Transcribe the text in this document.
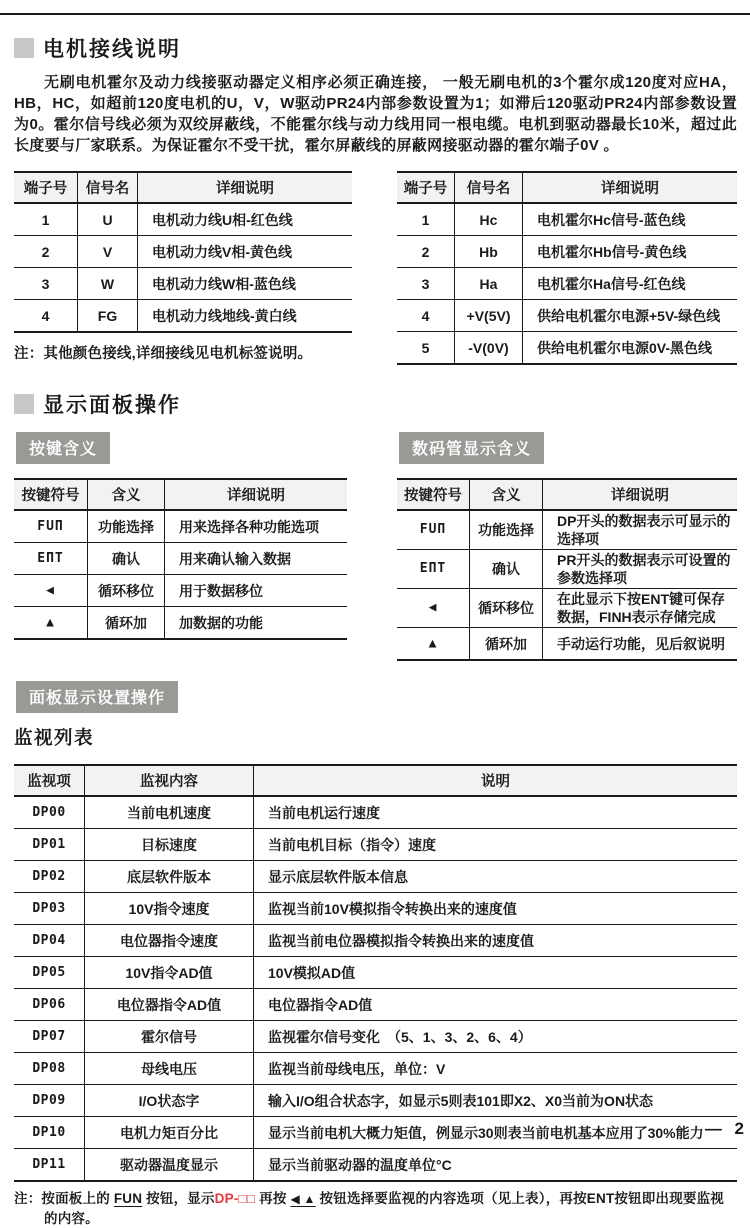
电机接线说明

无刷电机霍尔及动力线接驱动器定义相序必须正确连接， 一般无刷电机的3个霍尔成120度对应HA，HB，HC，如超前120度电机的U，V，W驱动PR24内部参数设置为1；如滞后120驱动PR24内部参数设置为0。霍尔信号线必须为双绞屏蔽线，不能霍尔线与动力线用同一根电缆。电机到驱动器最长10米，超过此长度要与厂家联系。为保证霍尔不受干扰，霍尔屏蔽线的屏蔽网接驱动器的霍尔端子0V 。

端子号	信号名	详细说明
1	U	电机动力线U相-红色线
2	V	电机动力线V相-黄色线
3	W	电机动力线W相-蓝色线
4	FG	电机动力线地线-黄白线

注：其他颜色接线,详细接线见电机标签说明。

端子号	信号名	详细说明
1	Hc	电机霍尔Hc信号-蓝色线
2	Hb	电机霍尔Hb信号-黄色线
3	Ha	电机霍尔Ha信号-红色线
4	+V(5V)	供给电机霍尔电源+5V-绿色线
5	-V(0V)	供给电机霍尔电源0V-黑色线
显示面板操作
按键含义
按键符号	含义	详细说明
FUП	功能选择	用来选择各种功能选项
EПT	确认	用来确认输入数据
◀	循环移位	用于数据移位
▲	循环加	加数据的功能
数码管显示含义
按键符号	含义	详细说明
FUП	功能选择	DP开头的数据表示可显示的选择项
EПT	确认	PR开头的数据表示可设置的参数选择项
◀	循环移位	在此显示下按ENT键可保存数据，FINH表示存储完成
▲	循环加	手动运行功能，见后叙说明
面板显示设置操作
监视列表
监视项	监视内容	说明
DP00	当前电机速度	当前电机运行速度
DP01	目标速度	当前电机目标（指令）速度
DP02	底层软件版本	显示底层软件版本信息
DP03	10V指令速度	监视当前10V模拟指令转换出来的速度值
DP04	电位器指令速度	监视当前电位器模拟指令转换出来的速度值
DP05	10V指令AD值	10V模拟AD值
DP06	电位器指令AD值	电位器指令AD值
DP07	霍尔信号	监视霍尔信号变化　（5、1、3、2、6、4）
DP08	母线电压	监视当前母线电压，单位：V
DP09	I/O状态字	输入I/O组合状态字，如显示5则表101即X2、X0当前为ON状态
DP10	电机力矩百分比	显示当前电机大概力矩值，例显示30则表当前电机基本应用了30%能力
DP11	驱动器温度显示	显示当前驱动器的温度单位°C

注：按面板上的 FUN 按钮，显示DP-□□ 再按 ◀ ▲ 按钮选择要监视的内容选项（见上表），再按ENT按钮即出现要监视的内容。

— 2
